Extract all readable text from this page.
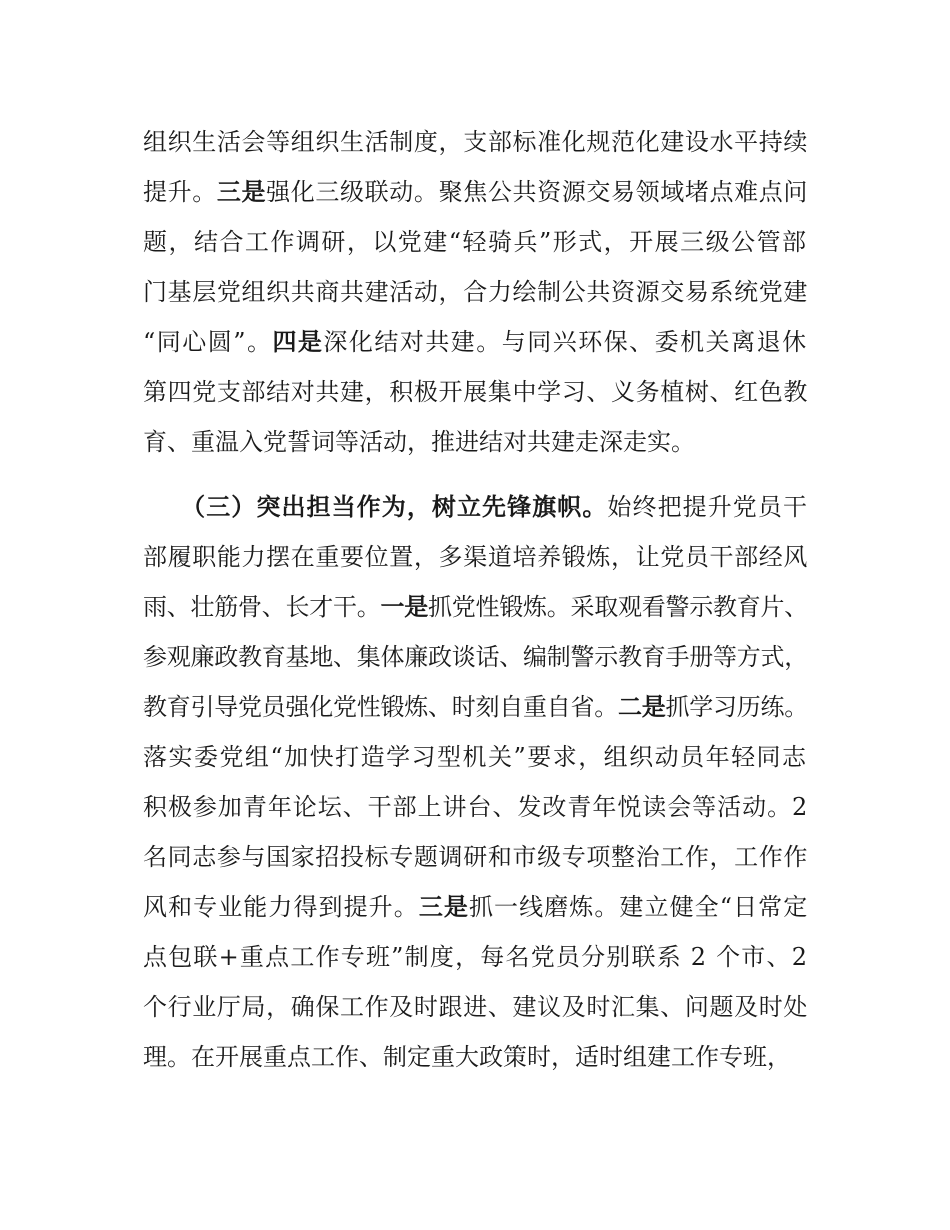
组织生活会等组织生活制度，支部标准化规范化建设水平持续
提升。三是强化三级联动。聚焦公共资源交易领域堵点难点问
题，结合工作调研，以党建“轻骑兵”形式，开展三级公管部
门基层党组织共商共建活动，合力绘制公共资源交易系统党建
“同心圆”。四是深化结对共建。与同兴环保、委机关离退休
第四党支部结对共建，积极开展集中学习、义务植树、红色教
育、重温入党誓词等活动，推进结对共建走深走实。
　　（三）突出担当作为，树立先锋旗帜。始终把提升党员干
部履职能力摆在重要位置，多渠道培养锻炼，让党员干部经风
雨、壮筋骨、长才干。一是抓党性锻炼。采取观看警示教育片、
参观廉政教育基地、集体廉政谈话、编制警示教育手册等方式，
教育引导党员强化党性锻炼、时刻自重自省。二是抓学习历练。
落实委党组“加快打造学习型机关”要求，组织动员年轻同志
积极参加青年论坛、干部上讲台、发改青年悦读会等活动。2
名同志参与国家招投标专题调研和市级专项整治工作，工作作
风和专业能力得到提升。三是抓一线磨炼。建立健全“日常定
点包联+重点工作专班”制度，每名党员分别联系 2 个市、2
个行业厅局，确保工作及时跟进、建议及时汇集、问题及时处
理。在开展重点工作、制定重大政策时，适时组建工作专班，
